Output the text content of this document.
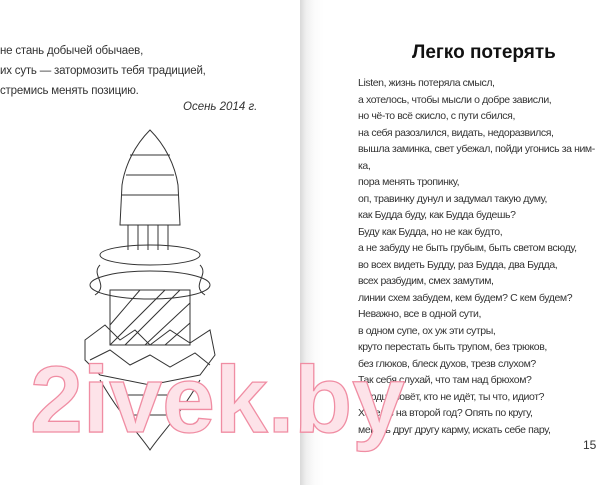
не стань добычей обычаев,
их суть — затормозить тебя традицией,
стремись менять позицию.
Осень 2014 г.
Легко потерять
Listen, жизнь потеряла смысл,
а хотелось, чтобы мысли о добре зависли,
но чё-то всё скисло, с пути сбился,
на себя разозлился, видать, недоразвился,
вышла заминка, свет убежал, пойди угонись за ним-ка,
пора менять тропинку,
оп, травинку дунул и задумал такую думу,
как Будда буду, как Будда будешь?
Буду как Будда, но не как будто,
а не забуду не быть грубым, быть светом всюду,
во всех видеть Будду, раз Будда, два Будда,
всех разбудим, смех замутим,
линии схем забудем, кем будем? С кем будем?
Неважно, все в одной сути,
в одном супе, ох уж эти сутры,
круто перестать быть трупом, без трюков,
без глюков, блеск духов, трезв слухом?
Так себя слухай, что там над брюхом?
Сердце зовёт, кто не идёт, ты что, идиот?
Хочешь на второй год? Опять по кругу,
менять друг другу карму, искать себе пару,
15
2ivek.by
